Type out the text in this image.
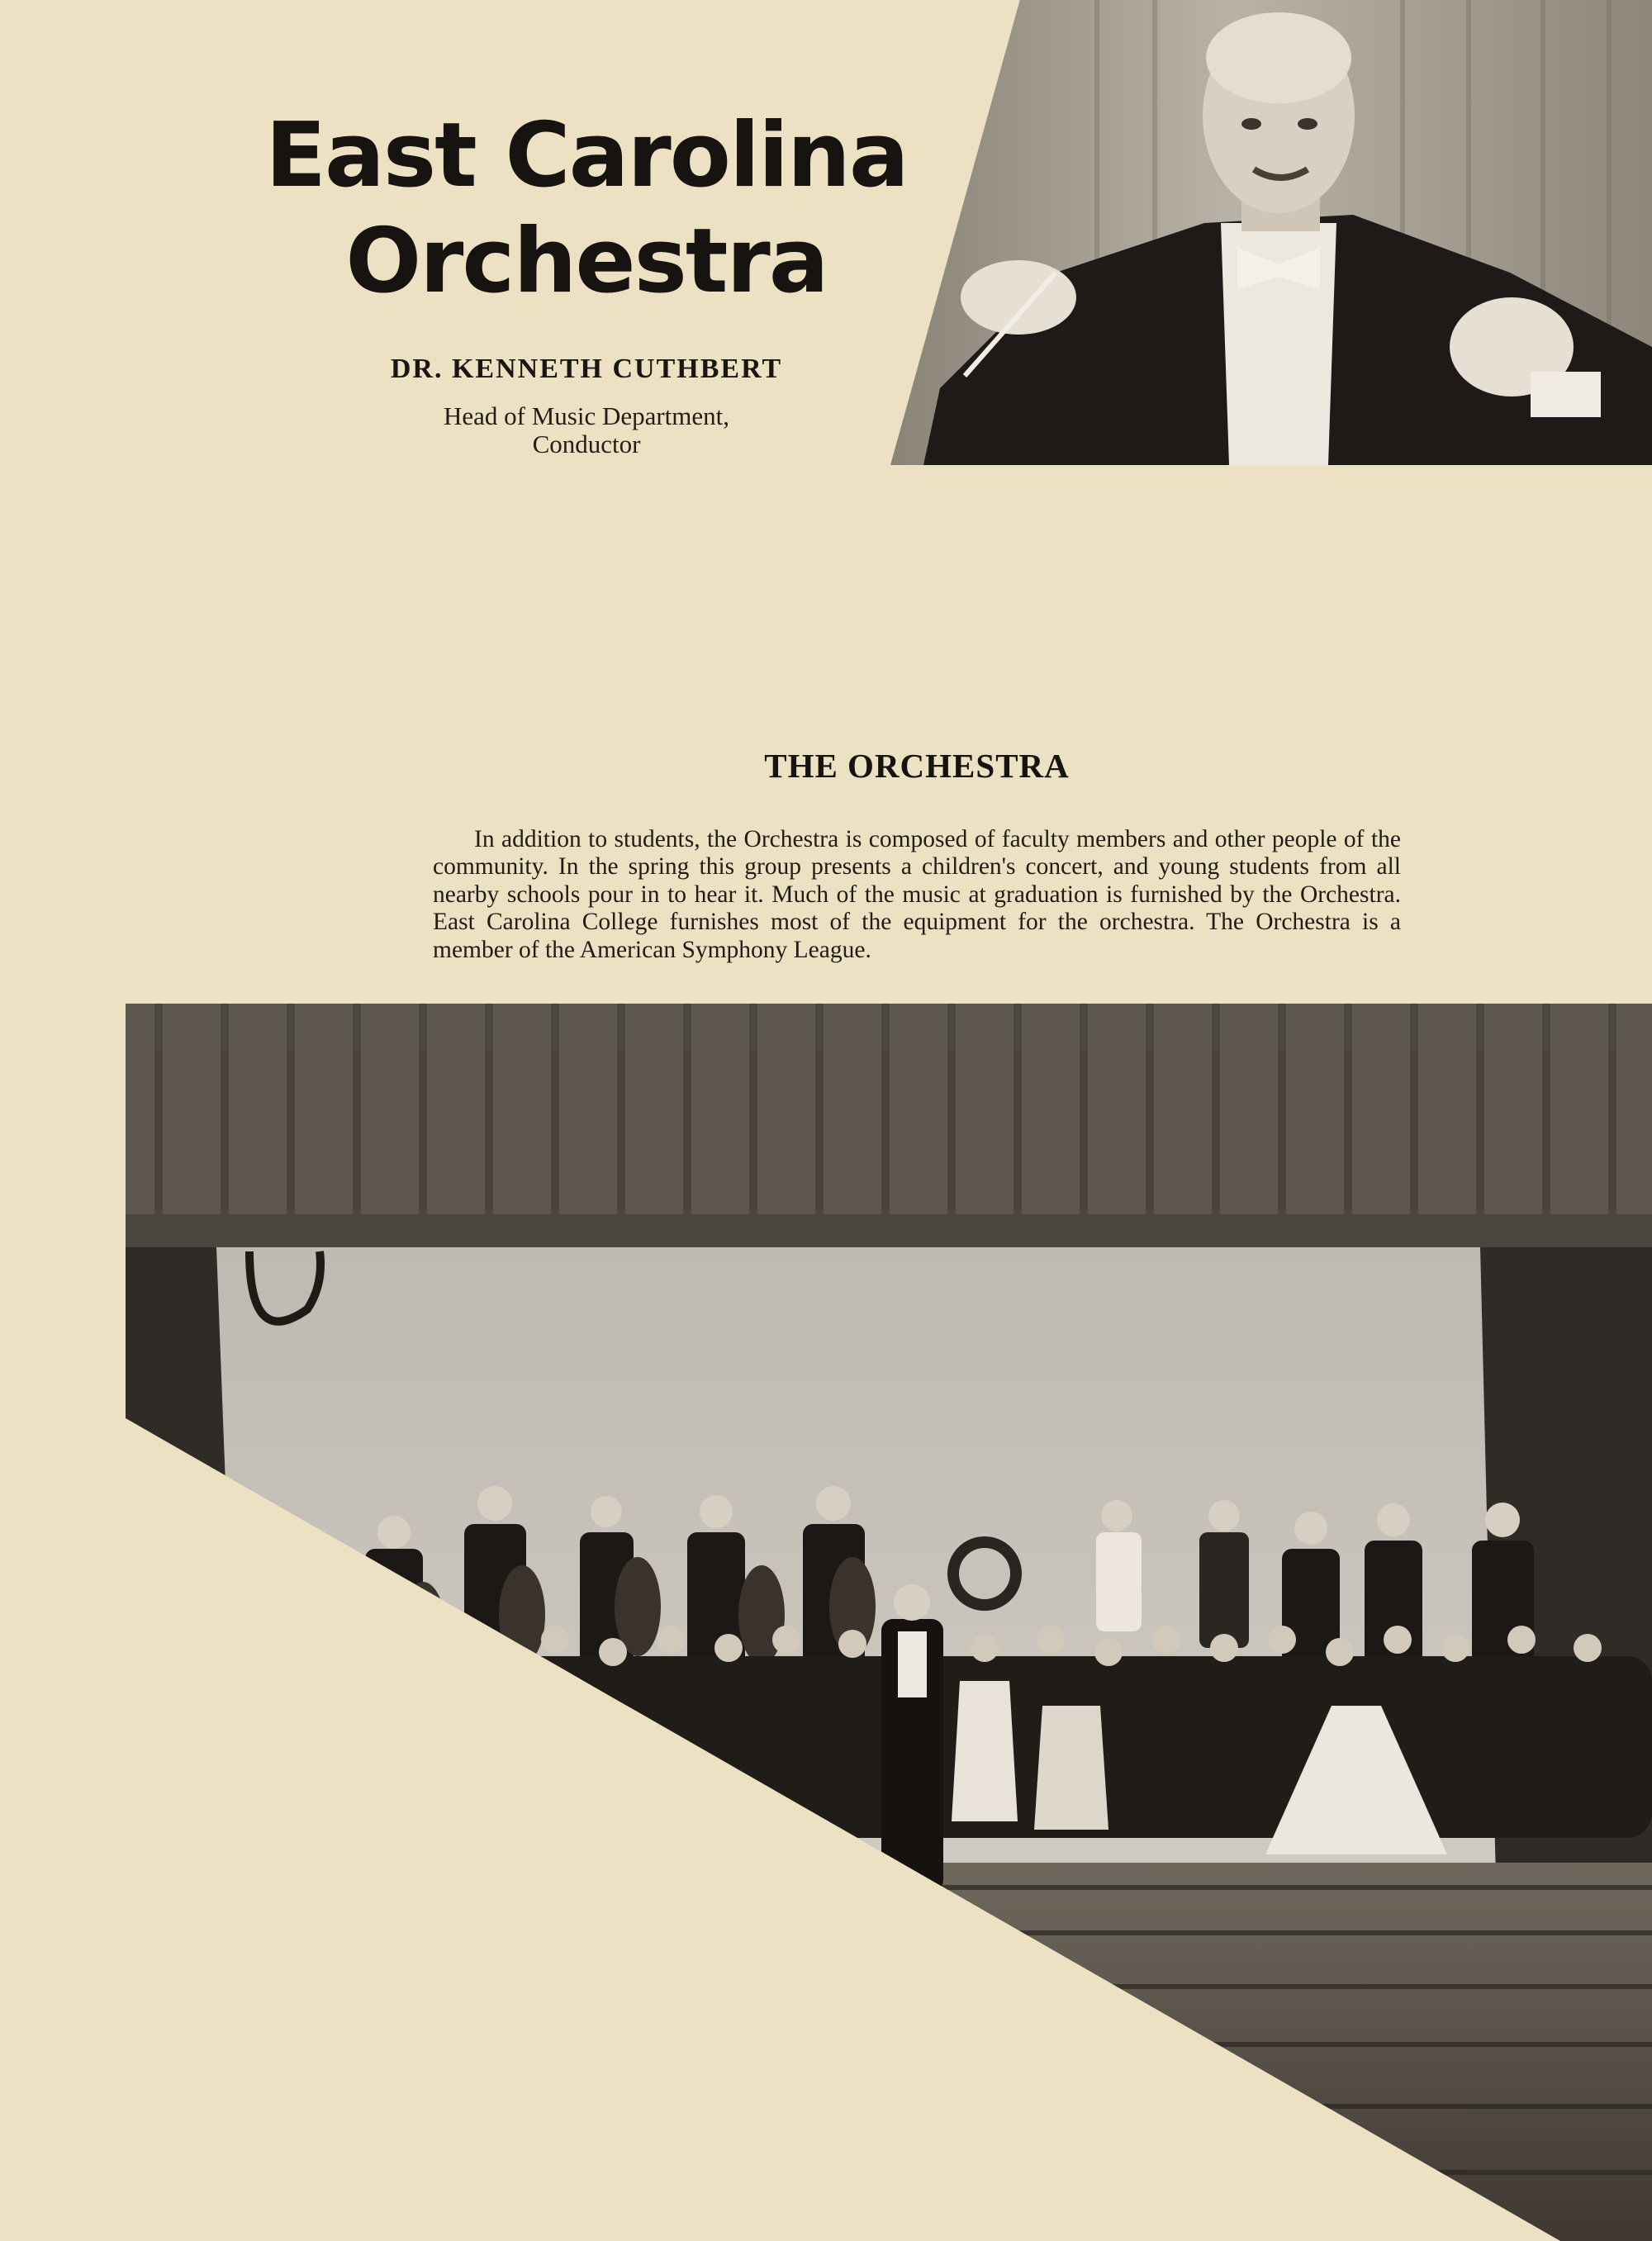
East Carolina
Orchestra
DR. KENNETH CUTHBERT
Head of Music Department,
Conductor
THE ORCHESTRA

In addition to students, the Orchestra is composed of faculty members and other people of the community. In the spring this group presents a children's concert, and young students from all nearby schools pour in to hear it. Much of the music at graduation is furnished by the Orchestra. East Carolina College furnishes most of the equipment for the orchestra. The Orchestra is a member of the American Symphony League.
